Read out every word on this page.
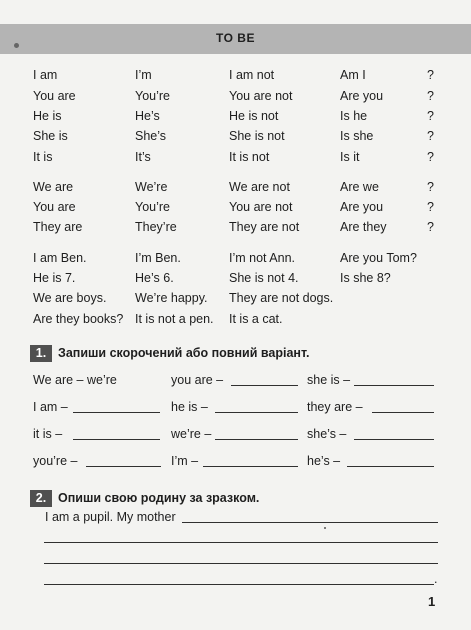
TO BE
I am	I’m	I am not	Am I	?
You are	You’re	You are not	Are you	?
He is	He’s	He is not	Is he	?
She is	She’s	She is not	Is she	?
It is	It’s	It is not	Is it	?
We are	We’re	We are not	Are we	?
You are	You’re	You are not	Are you	?
They are	They’re	They are not	Are they	?
I am Ben.	I’m Ben.	I’m not Ann.	Are you Tom?
He is 7.	He’s 6.	She is not 4.	Is she 8?
We are boys. We’re happy. They are not dogs.
Are they books? It is not a pen. It is a cat.
1. Запиши скорочений або повний варіант.
We are – we’re	you are –	she is –
I am –	he is –	they are –
it is –	we’re –	she’s –
you’re –	I’m –	he’s –
2. Опиши свою родину за зразком.
I am a pupil. My mother
.
1
